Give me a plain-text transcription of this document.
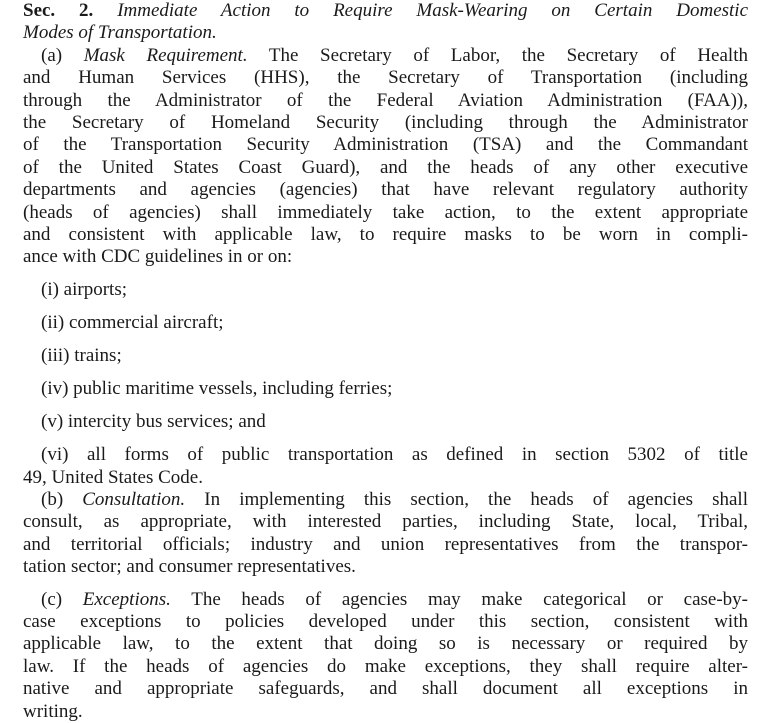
Sec. 2. Immediate Action to Require Mask-Wearing on Certain Domestic
Modes of Transportation.
(a) Mask Requirement. The Secretary of Labor, the Secretary of Health
and Human Services (HHS), the Secretary of Transportation (including
through the Administrator of the Federal Aviation Administration (FAA)),
the Secretary of Homeland Security (including through the Administrator
of the Transportation Security Administration (TSA) and the Commandant
of the United States Coast Guard), and the heads of any other executive
departments and agencies (agencies) that have relevant regulatory authority
(heads of agencies) shall immediately take action, to the extent appropriate
and consistent with applicable law, to require masks to be worn in compli-
ance with CDC guidelines in or on:
(i) airports;
(ii) commercial aircraft;
(iii) trains;
(iv) public maritime vessels, including ferries;
(v) intercity bus services; and
(vi) all forms of public transportation as defined in section 5302 of title
49, United States Code.
(b) Consultation. In implementing this section, the heads of agencies shall
consult, as appropriate, with interested parties, including State, local, Tribal,
and territorial officials; industry and union representatives from the transpor-
tation sector; and consumer representatives.
(c) Exceptions. The heads of agencies may make categorical or case-by-
case exceptions to policies developed under this section, consistent with
applicable law, to the extent that doing so is necessary or required by
law. If the heads of agencies do make exceptions, they shall require alter-
native and appropriate safeguards, and shall document all exceptions in
writing.
